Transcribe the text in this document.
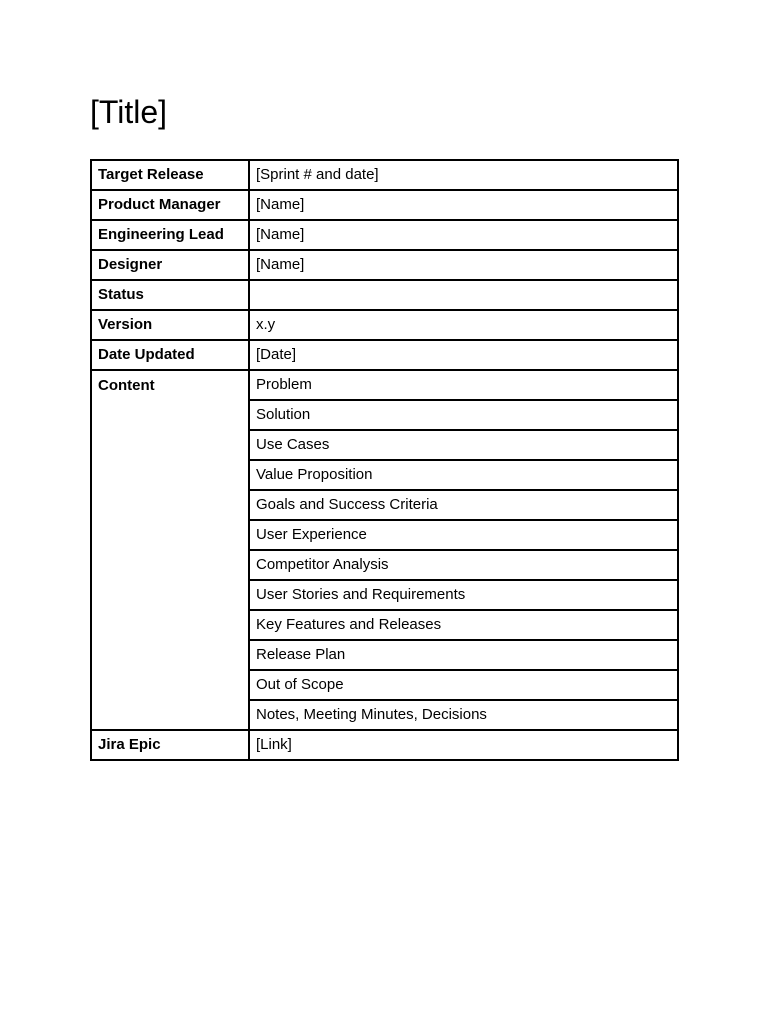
[Title]
Target Release	[Sprint # and date]
Product Manager	[Name]
Engineering Lead	[Name]
Designer	[Name]
Status	
Version	x.y
Date Updated	[Date]
Content	Problem
	Solution
	Use Cases
	Value Proposition
	Goals and Success Criteria
	User Experience
	Competitor Analysis
	User Stories and Requirements
	Key Features and Releases
	Release Plan
	Out of Scope
	Notes, Meeting Minutes, Decisions
Jira Epic	[Link]
